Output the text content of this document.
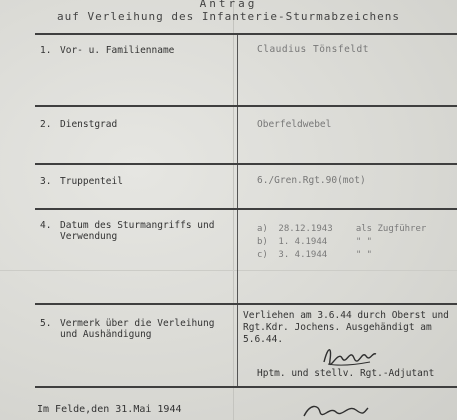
Antrag
auf Verleihung des Infanterie-Sturmabzeichens
1. Vor- u. Familienname	Claudius Tönsfeldt
2. Dienstgrad	Oberfeldwebel
3. Truppenteil	6./Gren.Rgt.90(mot)
4. Datum des Sturmangriffs und
Verwendung
a) 28.12.1943	als Zugführer
b) 1. 4.1944	" "
c) 3. 4.1944	" "
5. Vermerk über die Verleihung
und Aushändigung
Verliehen am 3.6.44 durch Oberst und
Rgt.Kdr. Jochens. Ausgehändigt am
5.6.44.
Hptm. und stellv. Rgt.-Adjutant
Im Felde,den 31.Mai 1944
